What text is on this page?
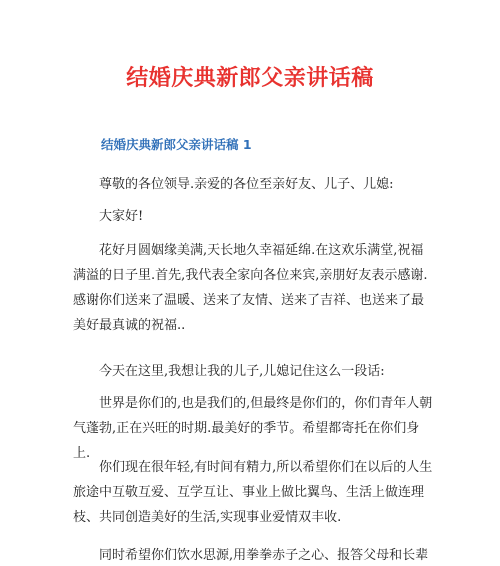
结婚庆典新郎父亲讲话稿
结婚庆典新郎父亲讲话稿 1

尊敬的各位领导.亲爱的各位至亲好友、儿子、儿媳:

大家好!

花好月圆姻缘美满,天长地久幸福延绵.在这欢乐满堂,祝福满溢的日子里.首先,我代表全家向各位来宾,亲朋好友表示感谢.感谢你们送来了温暖、送来了友情、送来了吉祥、也送来了最美好最真诚的祝福..

今天在这里,我想让我的儿子,儿媳记住这么一段话:

世界是你们的,也是我们的,但最终是你们的，你们青年人朝气蓬勃,正在兴旺的时期.最美好的季节。希望都寄托在你们身上.

你们现在很年轻,有时间有精力,所以希望你们在以后的人生旅途中互敬互爱、互学互让、事业上做比翼鸟、生活上做连理枝、共同创造美好的生活,实现事业爱情双丰收.

同时希望你们饮水思源,用拳拳赤子之心、报答父母和长辈
